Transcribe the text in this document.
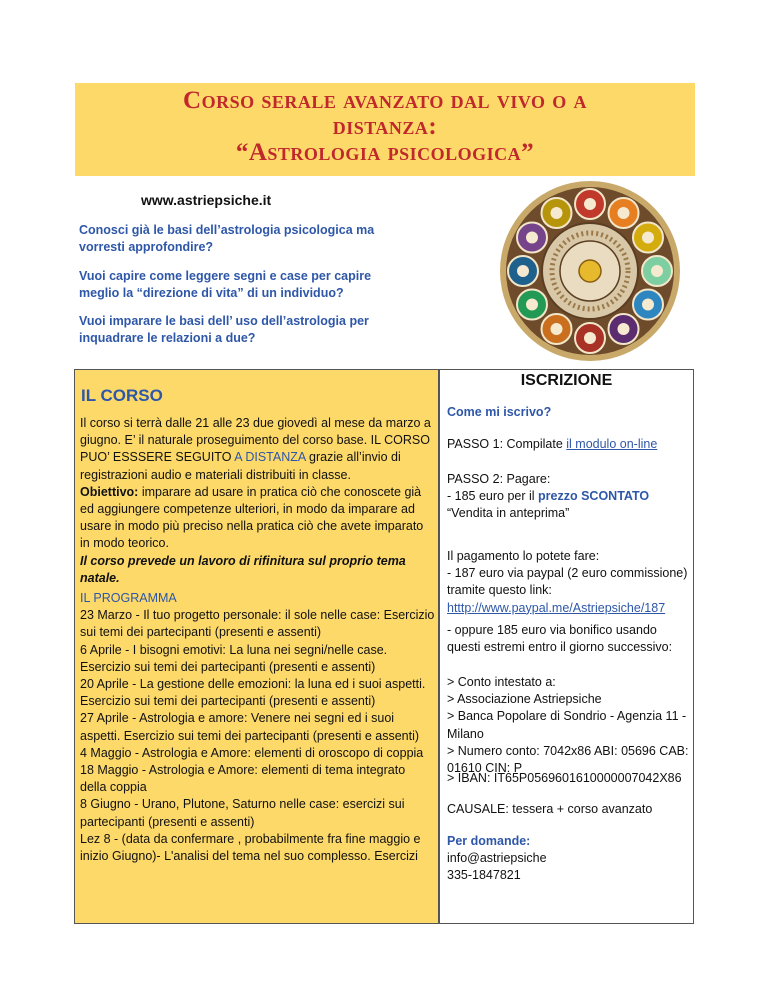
Corso serale avanzato dal vivo o a
distanza:
“Astrologia psicologica”
www.astriepsiche.it
Conosci già le basi dell’astrologia psicologica ma vorresti approfondire?
Vuoi capire come leggere segni e case per capire meglio la “direzione di vita” di un individuo?
Vuoi imparare le basi dell’ uso dell’astrologia per inquadrare le relazioni a due?
IL CORSO

Il corso si terrà dalle 21 alle 23 due giovedì al mese da marzo a giugno. E’ il naturale proseguimento del corso base. IL CORSO PUO’ ESSSERE SEGUITO A DISTANZA grazie all’invio di registrazioni audio e materiali distribuiti in classe.

Obiettivo: imparare ad usare in pratica ciò che conoscete già ed aggiungere competenze ulteriori, in modo da imparare ad usare in modo più preciso nella pratica ciò che avete imparato in modo teorico.

Il corso prevede un lavoro di rifinitura sul proprio tema natale.

IL PROGRAMMA
23 Marzo - Il tuo progetto personale: il sole nelle case: Esercizio sui temi dei partecipanti (presenti e assenti)
6 Aprile - I bisogni emotivi: La luna nei segni/nelle case. Esercizio sui temi dei partecipanti (presenti e assenti)
20 Aprile - La gestione delle emozioni: la luna ed i suoi aspetti. Esercizio sui temi dei partecipanti (presenti e assenti)
27 Aprile - Astrologia e amore: Venere nei segni ed i suoi aspetti. Esercizio sui temi dei partecipanti (presenti e assenti)
4 Maggio - Astrologia e Amore: elementi di oroscopo di coppia
18 Maggio - Astrologia e Amore: elementi di tema integrato della coppia
8 Giugno - Urano, Plutone, Saturno nelle case: esercizi sui partecipanti (presenti e assenti)
Lez 8 - (data da confermare , probabilmente fra fine maggio e inizio Giugno)- L'analisi del tema nel suo complesso. Esercizi
ISCRIZIONE
Come mi iscrivo?
PASSO 1: Compilate il modulo on-line
PASSO 2: Pagare:
- 185 euro per il prezzo SCONTATO
“Vendita in anteprima”
Il pagamento lo potete fare:
- 187 euro via paypal (2 euro commissione) tramite questo link:
htttp://www.paypal.me/Astriepsiche/187
- oppure 185 euro via bonifico usando questi estremi entro il giorno successivo:
> Conto intestato a:
> Associazione Astriepsiche
> Banca Popolare di Sondrio - Agenzia 11 - Milano
> Numero conto: 7042x86 ABI: 05696 CAB: 01610 CIN: P
> IBAN: IT65P0569601610000007042X86
CAUSALE: tessera + corso avanzato
Per domande:
info@astriepsiche
335-1847821
